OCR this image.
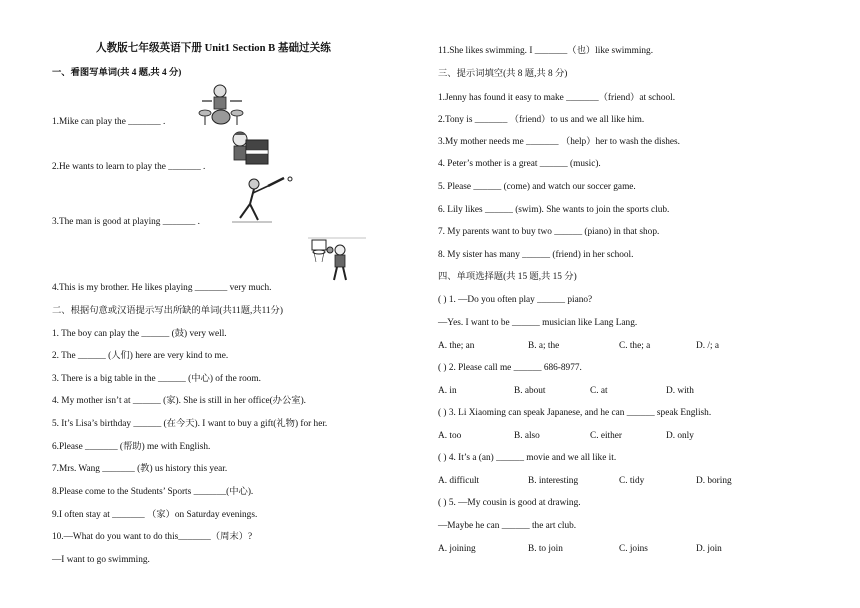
人教版七年级英语下册 Unit1 Section B 基础过关练
一、看图写单词(共 4 题,共 4 分)
1.Mike can play the _______ .
2.He wants to learn to play the _______ .
3.The man is good at playing _______ .
4.This is my brother. He likes playing _______ very much.
二、根据句意或汉语提示写出所缺的单词(共11题,共11分)
1. The boy can play the ______ (鼓) very well.
2. The ______ (人们) here are very kind to me.
3. There is a big table in the ______ (中心) of the room.
4. My mother isn’t at ______ (家). She is still in her office(办公室).
5. It’s Lisa’s birthday ______ (在今天). I want to buy a gift(礼物) for her.
6.Please _______ (帮助) me with English.
7.Mrs. Wang _______ (教) us history this year.
8.Please come to the Students’ Sports _______(中心).
9.I often stay at _______ （家）on Saturday evenings.
10.—What do you want to do this_______（周末）?
—I want to go swimming.
11.She likes swimming. I _______（也）like swimming.
三、提示词填空(共 8 题,共 8 分)
1.Jenny has found it easy to make _______（friend）at school.
2.Tony is _______ （friend）to us and we all like him.
3.My mother needs me _______ （help）her to wash the dishes.
4. Peter’s mother is a great ______ (music).
5. Please ______ (come) and watch our soccer game.
6. Lily likes ______ (swim). She wants to join the sports club.
7. My parents want to buy two ______ (piano) in that shop.
8. My sister has many ______ (friend) in her school.
四、单项选择题(共 15 题,共 15 分)
( ) 1. —Do you often play ______ piano?
—Yes. I want to be ______ musician like Lang Lang.
A. the; an	B. a; the	C. the; a	D. /; a
( ) 2. Please call me ______ 686-8977.
A. in	B. about	C. at	D. with
( ) 3. Li Xiaoming can speak Japanese, and he can ______ speak English.
A. too	B. also	C. either	D. only
( ) 4. It’s a (an) ______ movie and we all like it.
A. difficult	B. interesting	C. tidy	D. boring
( ) 5. —My cousin is good at drawing.
—Maybe he can ______ the art club.
A. joining	B. to join	C. joins	D. join
